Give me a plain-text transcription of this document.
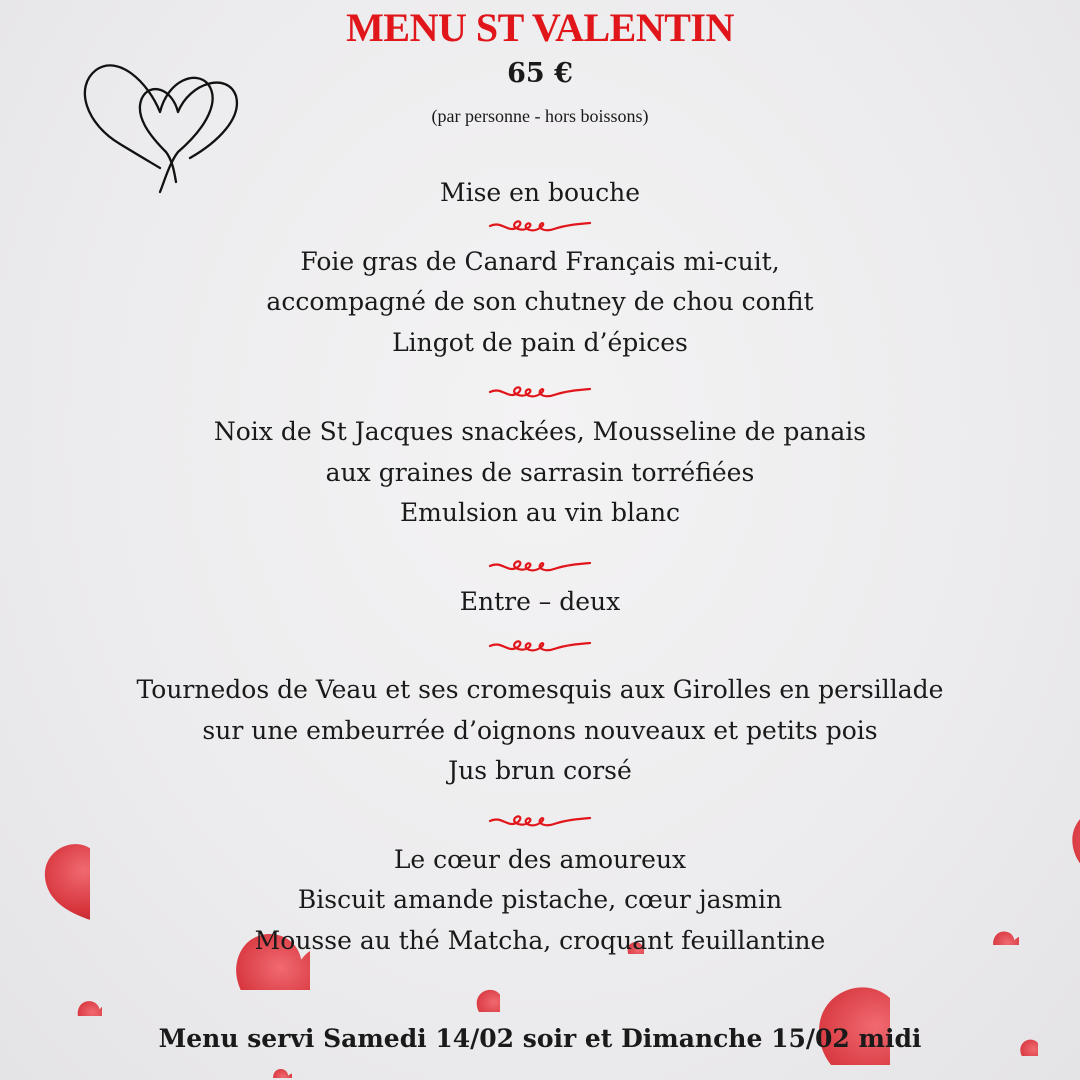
MENU ST VALENTIN
65 €
(par personne - hors boissons)
Mise en bouche
Foie gras de Canard Français mi-cuit,
accompagné de son chutney de chou confit
Lingot de pain d’épices
Noix de St Jacques snackées, Mousseline de panais
aux graines de sarrasin torréfiées
Emulsion au vin blanc
Entre – deux
Tournedos de Veau et ses cromesquis aux Girolles en persillade
sur une embeurrée d’oignons nouveaux et petits pois
Jus brun corsé
Le cœur des amoureux
Biscuit amande pistache, cœur jasmin
Mousse au thé Matcha, croquant feuillantine
Menu servi Samedi 14/02 soir et Dimanche 15/02 midi
